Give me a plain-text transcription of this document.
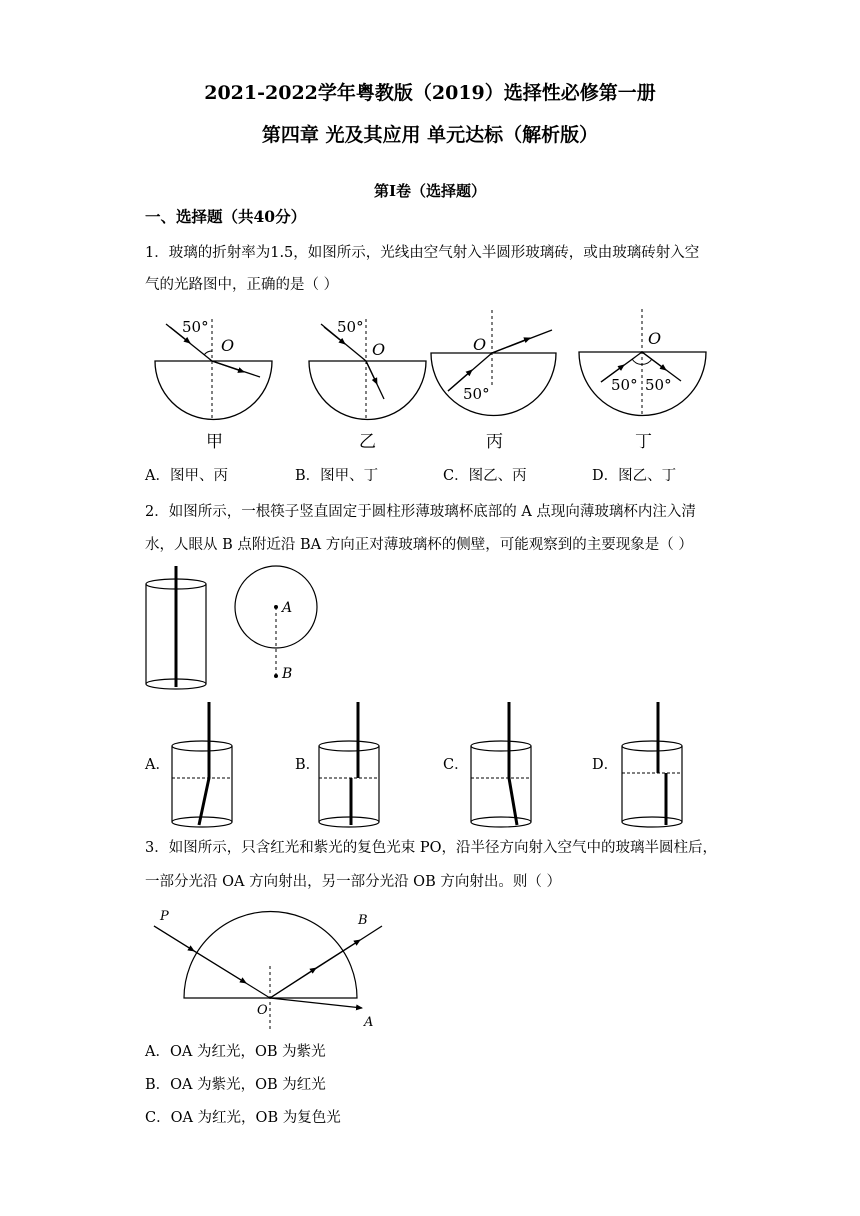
2021-2022学年粤教版（2019）选择性必修第一册
第四章 光及其应用 单元达标（解析版）
第I卷（选择题）
一、选择题（共40分）
1．玻璃的折射率为1.5，如图所示，光线由空气射入半圆形玻璃砖，或由玻璃砖射入空
气的光路图中，正确的是（ ）
50°
O
50°
O	O
50°
O
50° 50°
甲	乙	丙	丁
A．图甲、丙	B．图甲、丁	C．图乙、丙	D．图乙、丁
2．如图所示，一根筷子竖直固定于圆柱形薄玻璃杯底部的 A 点现向薄玻璃杯内注入清
水，人眼从 B 点附近沿 BA 方向正对薄玻璃杯的侧壁，可能观察到的主要现象是（ ）
A
B
A．	B．	C．	D．
3．如图所示，只含红光和紫光的复色光束 PO，沿半径方向射入空气中的玻璃半圆柱后，
一部分光沿 OA 方向射出，另一部分光沿 OB 方向射出。则（ ）
P	B
O
A
A．OA 为红光，OB 为紫光
B．OA 为紫光，OB 为红光
C．OA 为红光，OB 为复色光
